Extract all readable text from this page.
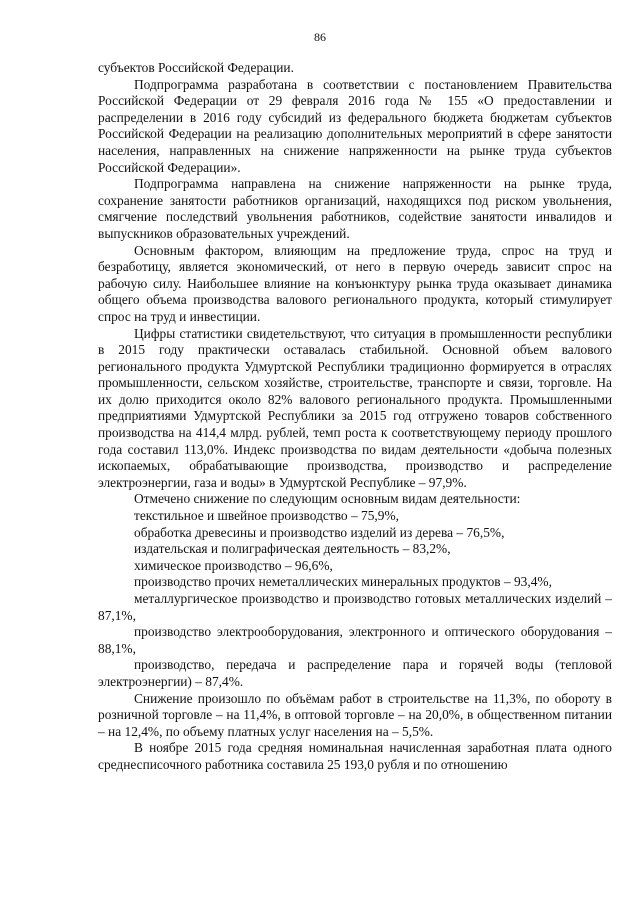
86

субъектов Российской Федерации.

Подпрограмма разработана в соответствии с постановлением Правительства Российской Федерации от 29 февраля 2016 года № 155 «О предоставлении и распределении в 2016 году субсидий из федерального бюджета бюджетам субъектов Российской Федерации на реализацию дополнительных мероприятий в сфере занятости населения, направленных на снижение напряженности на рынке труда субъектов Российской Федерации».

Подпрограмма направлена на снижение напряженности на рынке труда, сохранение занятости работников организаций, находящихся под риском увольнения, смягчение последствий увольнения работников, содействие занятости инвалидов и выпускников образовательных учреждений.

Основным фактором, влияющим на предложение труда, спрос на труд и безработицу, является экономический, от него в первую очередь зависит спрос на рабочую силу. Наибольшее влияние на конъюнктуру рынка труда оказывает динамика общего объема производства валового регионального продукта, который стимулирует спрос на труд и инвестиции.

Цифры статистики свидетельствуют, что ситуация в промышленности республики в 2015 году практически оставалась стабильной. Основной объем валового регионального продукта Удмуртской Республики традиционно формируется в отраслях промышленности, сельском хозяйстве, строительстве, транспорте и связи, торговле. На их долю приходится около 82% валового регионального продукта. Промышленными предприятиями Удмуртской Республики за 2015 год отгружено товаров собственного производства на 414,4 млрд. рублей, темп роста к соответствующему периоду прошлого года составил 113,0%. Индекс производства по видам деятельности «добыча полезных ископаемых, обрабатывающие производства, производство и распределение электроэнергии, газа и воды» в Удмуртской Республике – 97,9%.

Отмечено снижение по следующим основным видам деятельности:

текстильное и швейное производство – 75,9%,

обработка древесины и производство изделий из дерева – 76,5%,

издательская и полиграфическая деятельность – 83,2%,

химическое производство – 96,6%,

производство прочих неметаллических минеральных продуктов – 93,4%,

металлургическое производство и производство готовых металлических изделий – 87,1%,

производство электрооборудования, электронного и оптического оборудования – 88,1%,

производство, передача и распределение пара и горячей воды (тепловой электроэнергии) – 87,4%.

Снижение произошло по объёмам работ в строительстве на 11,3%, по обороту в розничной торговле – на 11,4%, в оптовой торговле – на 20,0%, в общественном питании – на 12,4%, по объему платных услуг населения на – 5,5%.

В ноябре 2015 года средняя номинальная начисленная заработная плата одного среднесписочного работника составила 25 193,0 рубля и по отношению
